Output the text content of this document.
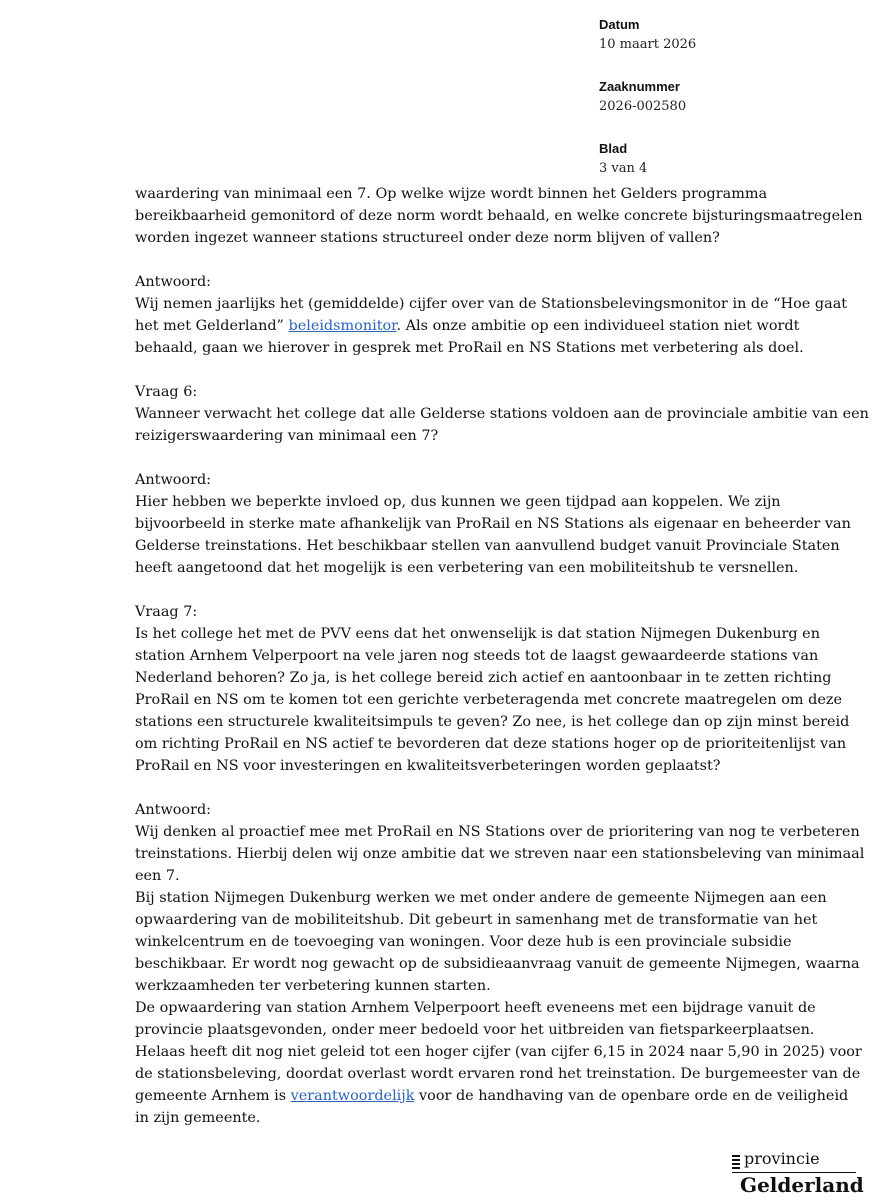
Datum
10 maart 2026
Zaaknummer
2026-002580
Blad
3 van 4

waardering van minimaal een 7. Op welke wijze wordt binnen het Gelders programma

bereikbaarheid gemonitord of deze norm wordt behaald, en welke concrete bijsturingsmaatregelen

worden ingezet wanneer stations structureel onder deze norm blijven of vallen?

Antwoord:

Wij nemen jaarlijks het (gemiddelde) cijfer over van de Stationsbelevingsmonitor in de “Hoe gaat

het met Gelderland” beleidsmonitor. Als onze ambitie op een individueel station niet wordt

behaald, gaan we hierover in gesprek met ProRail en NS Stations met verbetering als doel.

Vraag 6:

Wanneer verwacht het college dat alle Gelderse stations voldoen aan de provinciale ambitie van een

reizigerswaardering van minimaal een 7?

Antwoord:

Hier hebben we beperkte invloed op, dus kunnen we geen tijdpad aan koppelen. We zijn

bijvoorbeeld in sterke mate afhankelijk van ProRail en NS Stations als eigenaar en beheerder van

Gelderse treinstations. Het beschikbaar stellen van aanvullend budget vanuit Provinciale Staten

heeft aangetoond dat het mogelijk is een verbetering van een mobiliteitshub te versnellen.

Vraag 7:

Is het college het met de PVV eens dat het onwenselijk is dat station Nijmegen Dukenburg en

station Arnhem Velperpoort na vele jaren nog steeds tot de laagst gewaardeerde stations van

Nederland behoren? Zo ja, is het college bereid zich actief en aantoonbaar in te zetten richting

ProRail en NS om te komen tot een gerichte verbeteragenda met concrete maatregelen om deze

stations een structurele kwaliteitsimpuls te geven? Zo nee, is het college dan op zijn minst bereid

om richting ProRail en NS actief te bevorderen dat deze stations hoger op de prioriteitenlijst van

ProRail en NS voor investeringen en kwaliteitsverbeteringen worden geplaatst?

Antwoord:

Wij denken al proactief mee met ProRail en NS Stations over de prioritering van nog te verbeteren

treinstations. Hierbij delen wij onze ambitie dat we streven naar een stationsbeleving van minimaal

een 7.

Bij station Nijmegen Dukenburg werken we met onder andere de gemeente Nijmegen aan een

opwaardering van de mobiliteitshub. Dit gebeurt in samenhang met de transformatie van het

winkelcentrum en de toevoeging van woningen. Voor deze hub is een provinciale subsidie

beschikbaar. Er wordt nog gewacht op de subsidieaanvraag vanuit de gemeente Nijmegen, waarna

werkzaamheden ter verbetering kunnen starten.

De opwaardering van station Arnhem Velperpoort heeft eveneens met een bijdrage vanuit de

provincie plaatsgevonden, onder meer bedoeld voor het uitbreiden van fietsparkeerplaatsen.

Helaas heeft dit nog niet geleid tot een hoger cijfer (van cijfer 6,15 in 2024 naar 5,90 in 2025) voor

de stationsbeleving, doordat overlast wordt ervaren rond het treinstation. De burgemeester van de

gemeente Arnhem is verantwoordelijk voor de handhaving van de openbare orde en de veiligheid

in zijn gemeente.

provincie
Gelderland
